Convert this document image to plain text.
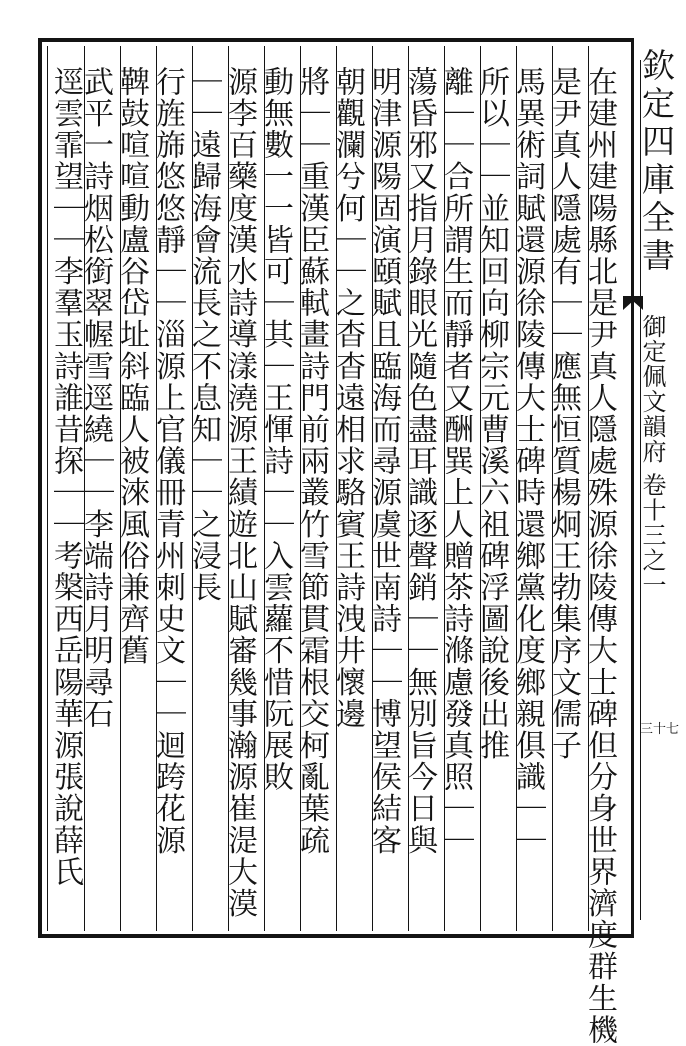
在建州建陽縣北是尹真人隱處殊源徐陵傳大士碑但分身世界濟度群生機

是尹真人隱處有｜｜應無恒質楊炯王勃集序文儒子

馬異術詞賦還源徐陵傳大士碑時還鄉黨化度鄉親俱識｜｜

所以｜｜並知回向柳宗元曹溪六祖碑浮圖說後出推

離｜｜合所謂生而靜者又酬巽上人贈茶詩滌慮發真照｜｜

蕩昏邪又指月錄眼光隨色盡耳識逐聲銷｜｜無別旨今日與

明津源陽固演頤賦且臨海而尋源虞世南詩｜｜博望侯結客

朝觀瀾兮何｜｜之杳杳遠相求駱賓王詩洩井懷邊

將｜｜重漢臣蘇軾畫詩門前兩叢竹雪節貫霜根交柯亂葉疏

動無數一一皆可｜其｜王惲詩｜｜入雲蘿不惜阮展敗

源李百藥度漢水詩導漾澆源王績遊北山賦審幾事瀚源崔湜大漠

｜｜遠歸海會流長之不息知｜｜之浸長

行旌旆悠悠靜｜｜淄源上官儀冊青州刺史文｜｜迴跨花源

鞞鼓喧喧動盧谷岱址斜臨人被淶風俗兼齊舊

武平一詩烟松銜翠幄雪逕繞｜｜李端詩月明尋石

逕雲霏望｜｜李羣玉詩誰昔探｜｜考槃西岳陽華源張說薛氏	欽定四庫全書

御定佩文韻府 卷十三之一

三十七
